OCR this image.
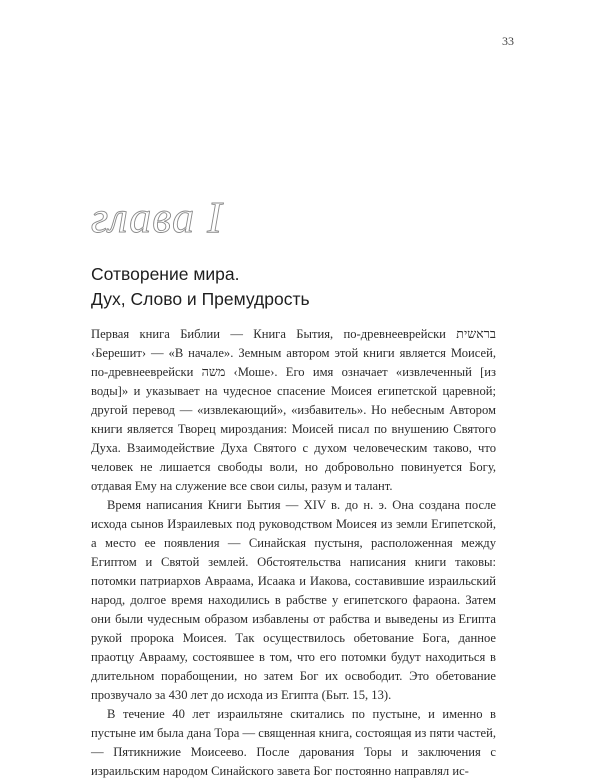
33
глава I
Сотворение мира.
Дух, Слово и Премудрость

Первая книга Библии — Книга Бытия, по-древнееврейски בראשית ‹Берешит› — «В начале». Земным автором этой книги является Моисей, по-древнееврейски משה ‹Моше›. Его имя означает «извлеченный [из воды]» и указывает на чудесное спасение Моисея египетской царевной; другой перевод — «извлекающий», «избавитель». Но небесным Автором книги является Творец мироздания: Моисей писал по внушению Святого Духа. Взаимодействие Духа Святого с духом человеческим таково, что человек не лишается свободы воли, но добровольно повинуется Богу, отдавая Ему на служение все свои силы, разум и талант.

Время написания Книги Бытия — XIV в. до н. э. Она создана после исхода сынов Израилевых под руководством Моисея из земли Египетской, а место ее появления — Синайская пустыня, расположенная между Египтом и Святой землей. Обстоятельства написания книги таковы: потомки патриархов Авраама, Исаака и Иакова, составившие израильский народ, долгое время находились в рабстве у египетского фараона. Затем они были чудесным образом избавлены от рабства и выведены из Египта рукой пророка Моисея. Так осуществилось обетование Бога, данное праотцу Аврааму, состоявшее в том, что его потомки будут находиться в длительном порабощении, но затем Бог их освободит. Это обетование прозвучало за 430 лет до исхода из Египта (Быт. 15, 13).

В течение 40 лет израильтяне скитались по пустыне, и именно в пустыне им была дана Тора — священная книга, состоящая из пяти частей, — Пятикнижие Моисеево. После дарования Торы и заключения с израильским народом Синайского завета Бог постоянно направлял ис-
